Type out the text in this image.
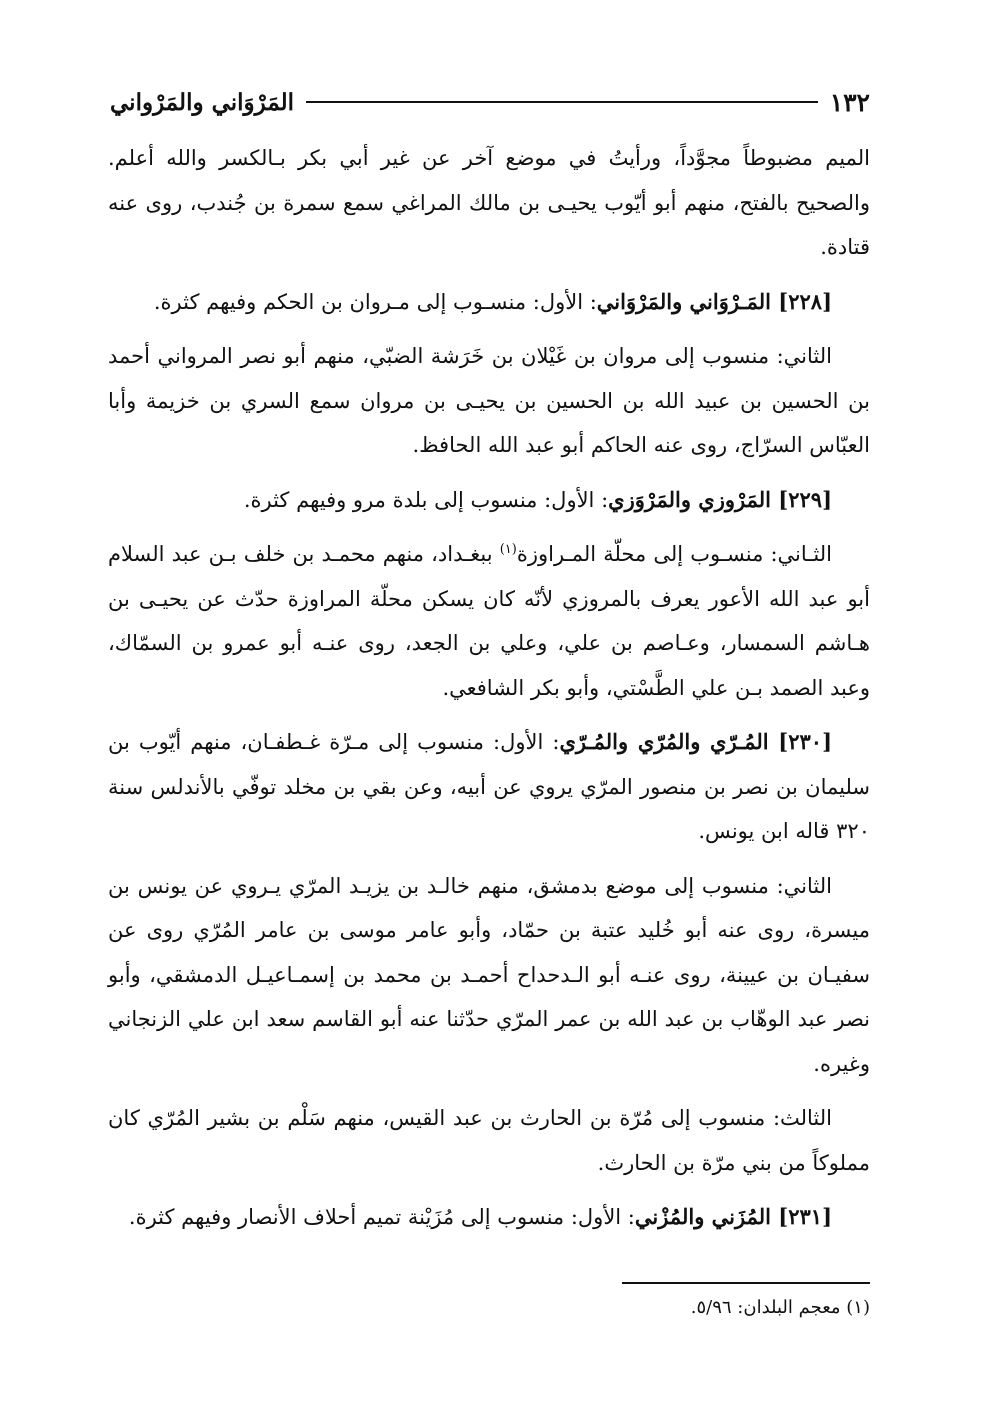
١٣٢
المَرْوَاني والمَرْواني

الميم مضبوطاً مجوَّداً، ورأيتُ في موضع آخر عن غير أبي بكر بـالكسر والله أعلم. والصحيح بالفتح، منهم أبو أيّوب يحيـى بن مالك المراغي سمع سمرة بن جُندب، روى عنه قتادة.

[٢٢٨] المَـرْوَاني والمَرْوَاني: الأول: منسـوب إلى مـروان بن الحكم وفيهم كثرة.

الثاني: منسوب إلى مروان بن غَيْلان بن خَرَشة الضبّي، منهم أبو نصر المرواني أحمد بن الحسين بن عبيد الله بن الحسين بن يحيـى بن مروان سمع السري بن خزيمة وأبا العبّاس السرّاج، روى عنه الحاكم أبو عبد الله الحافظ.

[٢٢٩] المَرْوزي والمَرْوَزي: الأول: منسوب إلى بلدة مرو وفيهم كثرة.

الثـاني: منسـوب إلى محلّة المـراوزة$^{(١)}$ ببغـداد، منهم محمـد بن خلف بـن عبد السلام أبو عبد الله الأعور يعرف بالمروزي لأنّه كان يسكن محلّة المراوزة حدّث عن يحيـى بن هـاشم السمسار، وعـاصم بن علي، وعلي بن الجعد، روى عنـه أبو عمرو بن السمّاك، وعبد الصمد بـن علي الطَّسْتي، وأبو بكر الشافعي.

[٢٣٠] المُـرّي والمُرّي والمُـرّي: الأول: منسوب إلى مـرّة غـطفـان، منهم أيّوب بن سليمان بن نصر بن منصور المرّي يروي عن أبيه، وعن بقي بن مخلد توفّي بالأندلس سنة ٣٢٠ قاله ابن يونس.

الثاني: منسوب إلى موضع بدمشق، منهم خالـد بن يزيـد المرّي يـروي عن يونس بن ميسرة، روى عنه أبو خُليد عتبة بن حمّاد، وأبو عامر موسى بن عامر المُرّي روى عن سفيـان بن عيينة، روى عنـه أبو الـدحداح أحمـد بن محمد بن إسمـاعيـل الدمشقي، وأبو نصر عبد الوهّاب بن عبد الله بن عمر المرّي حدّثنا عنه أبو القاسم سعد ابن علي الزنجاني وغيره.

الثالث: منسوب إلى مُرّة بن الحارث بن عبد القيس، منهم سَلْم بن بشير المُرّي كان مملوكاً من بني مرّة بن الحارث.

[٢٣١] المُزَني والمُزْني: الأول: منسوب إلى مُزَيْنة تميم أحلاف الأنصار وفيهم كثرة.

(١) معجم البلدان: ٥/٩٦.
